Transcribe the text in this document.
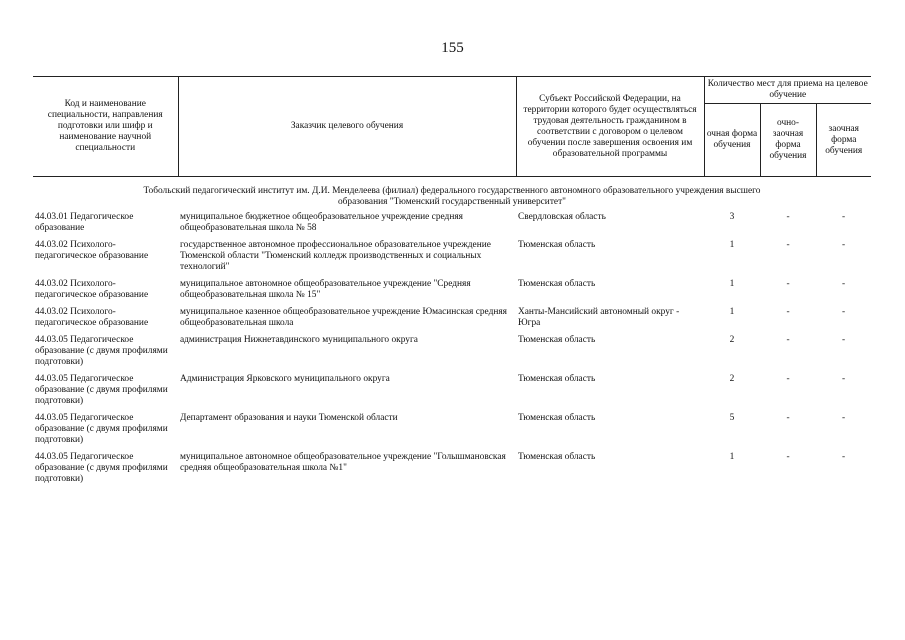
155
Код и наименование специальности, направления подготовки или шифр и наименование научной специальности	Заказчик целевого обучения	Субъект Российской Федерации, на территории которого будет осуществляться трудовая деятельность гражданином в соответствии с договором о целевом обучении после завершения освоения им образовательной программы	Количество мест для приема на целевое обучение		
			очная форма обучения	очно-заочная форма обучения	заочная форма обучения

Тобольский педагогический институт им. Д.И. Менделеева (филиал) федерального государственного автономного образовательного учреждения высшего образования "Тюменский государственный университет"					
44.03.01 Педагогическое образование	муниципальное бюджетное общеобразовательное учреждение средняя общеобразовательная школа № 58	Свердловская область	3	-	-
44.03.02 Психолого-педагогическое образование	государственное автономное профессиональное образовательное учреждение Тюменской области "Тюменский колледж производственных и социальных технологий"	Тюменская область	1	-	-
44.03.02 Психолого-педагогическое образование	муниципальное автономное общеобразовательное учреждение "Средняя общеобразовательная школа № 15"	Тюменская область	1	-	-
44.03.02 Психолого-педагогическое образование	муниципальное казенное общеобразовательное учреждение Юмасинская средняя общеобразовательная школа	Ханты-Мансийский автономный округ - Югра	1	-	-
44.03.05 Педагогическое образование (с двумя профилями подготовки)	администрация Нижнетавдинского муниципального округа	Тюменская область	2	-	-
44.03.05 Педагогическое образование (с двумя профилями подготовки)	Администрация Ярковского муниципального округа	Тюменская область	2	-	-
44.03.05 Педагогическое образование (с двумя профилями подготовки)	Департамент образования и науки Тюменской области	Тюменская область	5	-	-
44.03.05 Педагогическое образование (с двумя профилями подготовки)	муниципальное автономное общеобразовательное учреждение "Голышмановская средняя общеобразовательная школа №1"	Тюменская область	1	-	-
